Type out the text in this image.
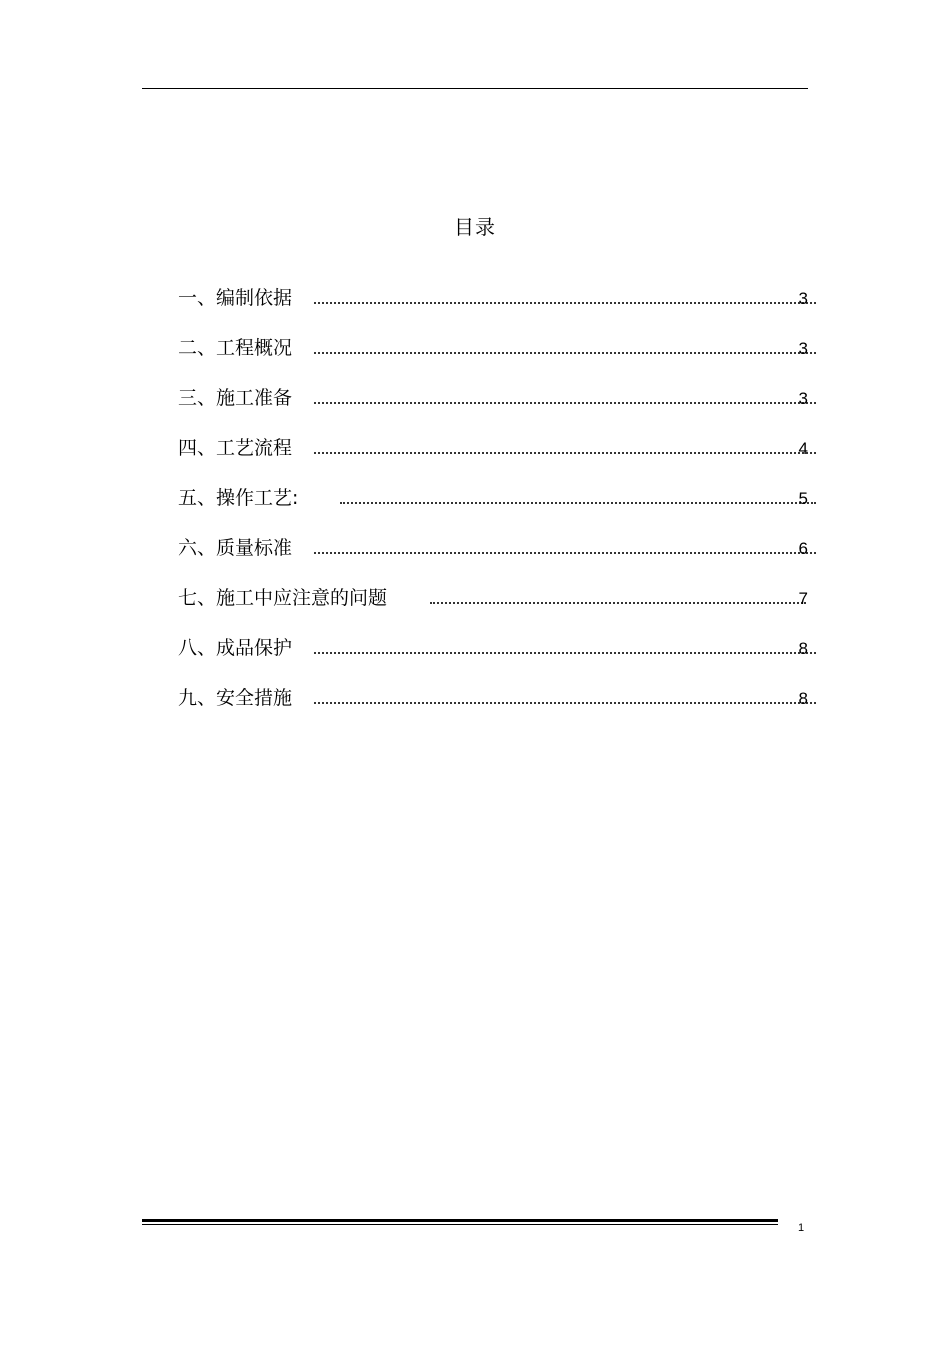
目录
一、编制依据	3
二、工程概况	3
三、施工准备	3
四、工艺流程	4
五、操作工艺:	5
六、质量标准	6
七、施工中应注意的问题	7
八、成品保护	8
九、安全措施	8
1
